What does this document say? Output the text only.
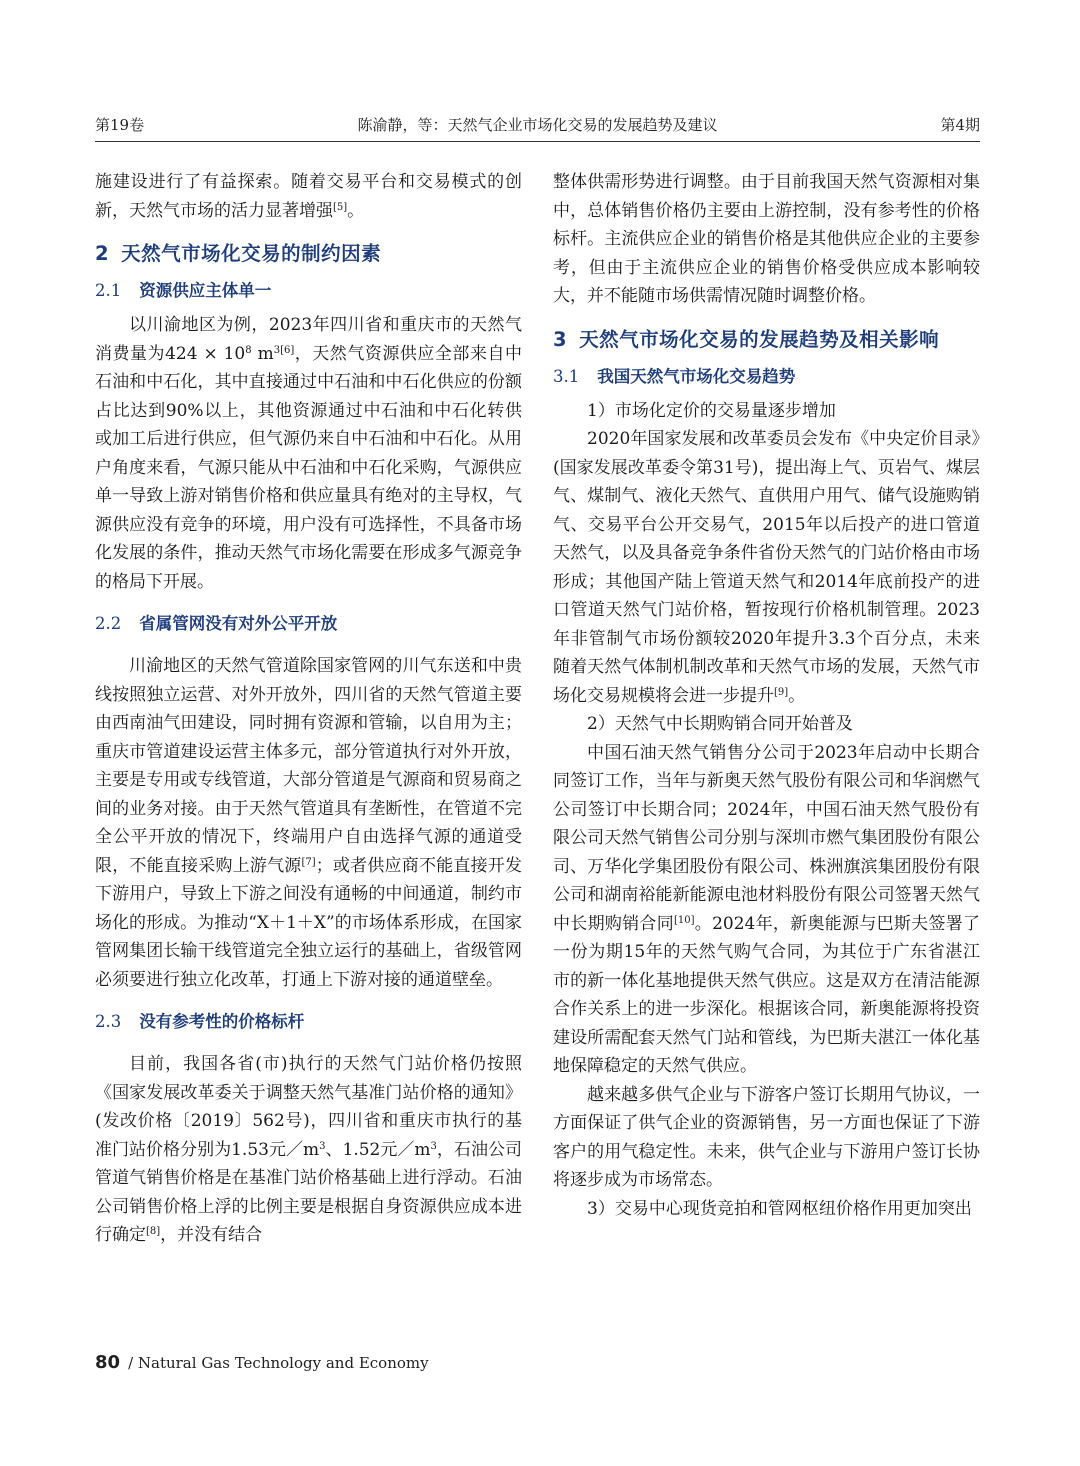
第19卷	陈渝静，等：天然气企业市场化交易的发展趋势及建议	第4期

施建设进行了有益探索。随着交易平台和交易模式的创新，天然气市场的活力显著增强[5]。

2 天然气市场化交易的制约因素
2.1 资源供应主体单一

以川渝地区为例，2023年四川省和重庆市的天然气消费量为$424 \times 10^8$ $m^{3[6]}$，天然气资源供应全部来自中石油和中石化，其中直接通过中石油和中石化供应的份额占比达到90%以上，其他资源通过中石油和中石化转供或加工后进行供应，但气源仍来自中石油和中石化。从用户角度来看，气源只能从中石油和中石化采购，气源供应单一导致上游对销售价格和供应量具有绝对的主导权，气源供应没有竞争的环境，用户没有可选择性，不具备市场化发展的条件，推动天然气市场化需要在形成多气源竞争的格局下开展。

2.2 省属管网没有对外公平开放

川渝地区的天然气管道除国家管网的川气东送和中贵线按照独立运营、对外开放外，四川省的天然气管道主要由西南油气田建设，同时拥有资源和管输，以自用为主；重庆市管道建设运营主体多元，部分管道执行对外开放，主要是专用或专线管道，大部分管道是气源商和贸易商之间的业务对接。由于天然气管道具有垄断性，在管道不完全公平开放的情况下，终端用户自由选择气源的通道受限，不能直接采购上游气源[7]；或者供应商不能直接开发下游用户，导致上下游之间没有通畅的中间通道，制约市场化的形成。为推动“X＋1＋X”的市场体系形成，在国家管网集团长输干线管道完全独立运行的基础上，省级管网必须要进行独立化改革，打通上下游对接的通道壁垒。

2.3 没有参考性的价格标杆

目前，我国各省(市)执行的天然气门站价格仍按照《国家发展改革委关于调整天然气基准门站价格的通知》(发改价格〔2019〕562号)，四川省和重庆市执行的基准门站价格分别为1.53元$/m^3$、1.52元$/m^3$，石油公司管道气销售价格是在基准门站价格基础上进行浮动。石油公司销售价格上浮的比例主要是根据自身资源供应成本进行确定[8]，并没有结合

整体供需形势进行调整。由于目前我国天然气资源相对集中，总体销售价格仍主要由上游控制，没有参考性的价格标杆。主流供应企业的销售价格是其他供应企业的主要参考，但由于主流供应企业的销售价格受供应成本影响较大，并不能随市场供需情况随时调整价格。

3 天然气市场化交易的发展趋势及相关影响
3.1 我国天然气市场化交易趋势

1）市场化定价的交易量逐步增加

2020年国家发展和改革委员会发布《中央定价目录》(国家发展改革委令第31号)，提出海上气、页岩气、煤层气、煤制气、液化天然气、直供用户用气、储气设施购销气、交易平台公开交易气，2015年以后投产的进口管道天然气，以及具备竞争条件省份天然气的门站价格由市场形成；其他国产陆上管道天然气和2014年底前投产的进口管道天然气门站价格，暂按现行价格机制管理。2023年非管制气市场份额较2020年提升3.3个百分点，未来随着天然气体制机制改革和天然气市场的发展，天然气市场化交易规模将会进一步提升[9]。

2）天然气中长期购销合同开始普及

中国石油天然气销售分公司于2023年启动中长期合同签订工作，当年与新奥天然气股份有限公司和华润燃气公司签订中长期合同；2024年，中国石油天然气股份有限公司天然气销售公司分别与深圳市燃气集团股份有限公司、万华化学集团股份有限公司、株洲旗滨集团股份有限公司和湖南裕能新能源电池材料股份有限公司签署天然气中长期购销合同[10]。2024年，新奥能源与巴斯夫签署了一份为期15年的天然气购气合同，为其位于广东省湛江市的新一体化基地提供天然气供应。这是双方在清洁能源合作关系上的进一步深化。根据该合同，新奥能源将投资建设所需配套天然气门站和管线，为巴斯夫湛江一体化基地保障稳定的天然气供应。

越来越多供气企业与下游客户签订长期用气协议，一方面保证了供气企业的资源销售，另一方面也保证了下游客户的用气稳定性。未来，供气企业与下游用户签订长协将逐步成为市场常态。

3）交易中心现货竞拍和管网枢纽价格作用更加突出

80 / Natural Gas Technology and Economy
